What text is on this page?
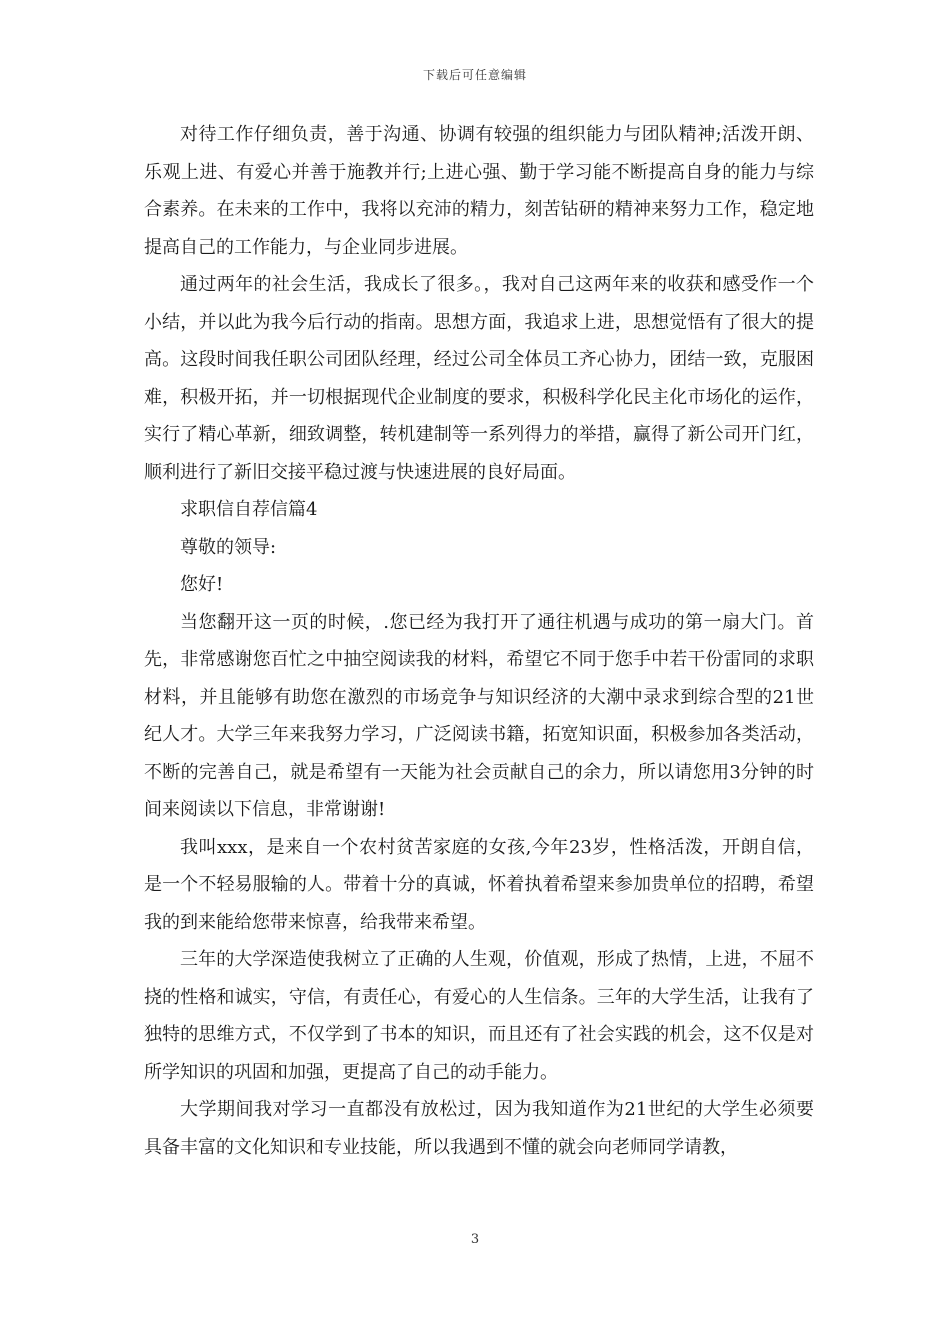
下载后可任意编辑

对待工作仔细负责，善于沟通、协调有较强的组织能力与团队精神;活泼开朗、乐观上进、有爱心并善于施教并行;上进心强、勤于学习能不断提高自身的能力与综合素养。在未来的工作中，我将以充沛的精力，刻苦钻研的精神来努力工作，稳定地提高自己的工作能力，与企业同步进展。

通过两年的社会生活，我成长了很多。，我对自己这两年来的收获和感受作一个小结，并以此为我今后行动的指南。思想方面，我追求上进，思想觉悟有了很大的提高。这段时间我任职公司团队经理，经过公司全体员工齐心协力，团结一致，克服困难，积极开拓，并一切根据现代企业制度的要求，积极科学化民主化市场化的运作，实行了精心革新，细致调整，转机建制等一系列得力的举措，赢得了新公司开门红，顺利进行了新旧交接平稳过渡与快速进展的良好局面。

求职信自荐信篇4

尊敬的领导:

您好!

当您翻开这一页的时候，.您已经为我打开了通往机遇与成功的第一扇大门。首先，非常感谢您百忙之中抽空阅读我的材料，希望它不同于您手中若干份雷同的求职材料，并且能够有助您在激烈的市场竞争与知识经济的大潮中录求到综合型的21世纪人才。大学三年来我努力学习，广泛阅读书籍，拓宽知识面，积极参加各类活动，不断的完善自己，就是希望有一天能为社会贡献自己的余力，所以请您用3分钟的时间来阅读以下信息，非常谢谢!

我叫xxx，是来自一个农村贫苦家庭的女孩,今年23岁，性格活泼，开朗自信，是一个不轻易服输的人。带着十分的真诚，怀着执着希望来参加贵单位的招聘，希望我的到来能给您带来惊喜，给我带来希望。

三年的大学深造使我树立了正确的人生观，价值观，形成了热情，上进，不屈不挠的性格和诚实，守信，有责任心，有爱心的人生信条。三年的大学生活，让我有了独特的思维方式，不仅学到了书本的知识，而且还有了社会实践的机会，这不仅是对所学知识的巩固和加强，更提高了自己的动手能力。

大学期间我对学习一直都没有放松过，因为我知道作为21世纪的大学生必须要具备丰富的文化知识和专业技能，所以我遇到不懂的就会向老师同学请教，

3
